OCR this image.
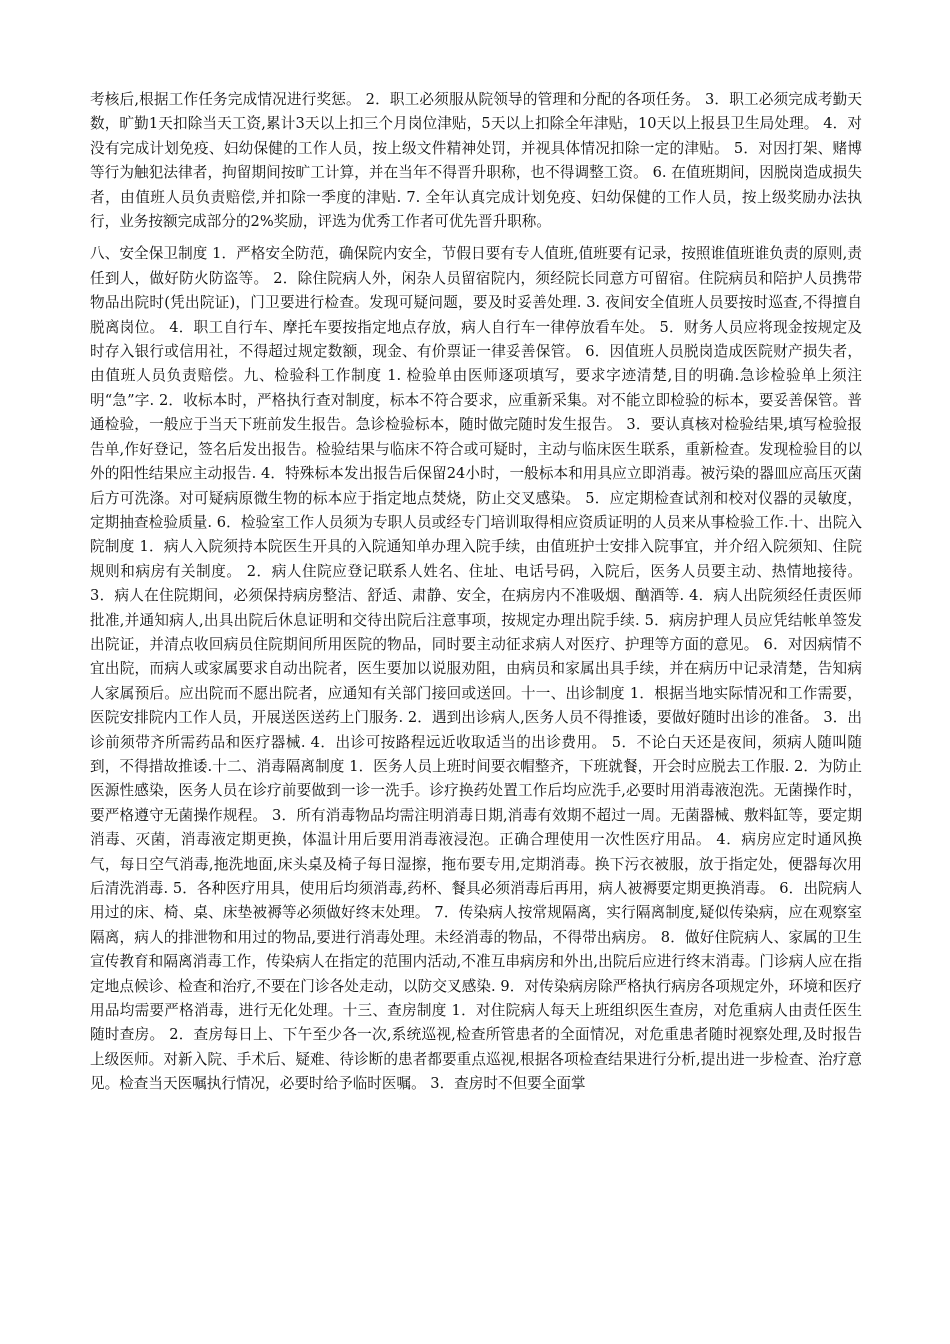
考核后,根据工作任务完成情况进行奖惩。 2．职工必须服从院领导的管理和分配的各项任务。 3．职工必须完成考勤天数，旷勤1天扣除当天工资,累计3天以上扣三个月岗位津贴，5天以上扣除全年津贴，10天以上报县卫生局处理。 4．对没有完成计划免疫、妇幼保健的工作人员，按上级文件精神处罚，并视具体情况扣除一定的津贴。 5．对因打架、赌博等行为触犯法律者，拘留期间按旷工计算，并在当年不得晋升职称，也不得调整工资。 6. 在值班期间，因脱岗造成损失者，由值班人员负责赔偿,并扣除一季度的津贴. 7. 全年认真完成计划免疫、妇幼保健的工作人员，按上级奖励办法执行，业务按额完成部分的2%奖励，评选为优秀工作者可优先晋升职称。

八、安全保卫制度 1．严格安全防范，确保院内安全，节假日要有专人值班,值班要有记录，按照谁值班谁负责的原则,责任到人，做好防火防盗等。 2．除住院病人外，闲杂人员留宿院内，须经院长同意方可留宿。住院病员和陪护人员携带物品出院时(凭出院证)，门卫要进行检查。发现可疑问题，要及时妥善处理. 3. 夜间安全值班人员要按时巡查,不得擅自脱离岗位。 4．职工自行车、摩托车要按指定地点存放，病人自行车一律停放看车处。 5．财务人员应将现金按规定及时存入银行或信用社，不得超过规定数额，现金、有价票证一律妥善保管。 6．因值班人员脱岗造成医院财产损失者，由值班人员负责赔偿。九、检验科工作制度 1. 检验单由医师逐项填写，要求字迹清楚,目的明确.急诊检验单上须注明“急”字. 2．收标本时，严格执行查对制度，标本不符合要求，应重新采集。对不能立即检验的标本，要妥善保管。普通检验，一般应于当天下班前发生报告。急诊检验标本，随时做完随时发生报告。 3．要认真核对检验结果,填写检验报告单,作好登记，签名后发出报告。检验结果与临床不符合或可疑时，主动与临床医生联系，重新检查。发现检验目的以外的阳性结果应主动报告. 4．特殊标本发出报告后保留24小时，一般标本和用具应立即消毒。被污染的器皿应高压灭菌后方可洗涤。对可疑病原微生物的标本应于指定地点焚烧，防止交叉感染。 5．应定期检查试剂和校对仪器的灵敏度，定期抽查检验质量. 6．检验室工作人员须为专职人员或经专门培训取得相应资质证明的人员来从事检验工作.十、出院入院制度 1．病人入院须持本院医生开具的入院通知单办理入院手续，由值班护士安排入院事宜，并介绍入院须知、住院规则和病房有关制度。 2．病人住院应登记联系人姓名、住址、电话号码，入院后，医务人员要主动、热情地接待。 3．病人在住院期间，必须保持病房整洁、舒适、肃静、安全，在病房内不准吸烟、酗酒等. 4．病人出院须经任责医师批准,并通知病人,出具出院后休息证明和交待出院后注意事项，按规定办理出院手续. 5．病房护理人员应凭结帐单签发出院证，并清点收回病员住院期间所用医院的物品，同时要主动征求病人对医疗、护理等方面的意见。 6．对因病情不宜出院，而病人或家属要求自动出院者，医生要加以说服劝阻，由病员和家属出具手续，并在病历中记录清楚，告知病人家属预后。应出院而不愿出院者，应通知有关部门接回或送回。十一、出诊制度 1．根据当地实际情况和工作需要，医院安排院内工作人员，开展送医送药上门服务. 2．遇到出诊病人,医务人员不得推诿，要做好随时出诊的准备。 3．出诊前须带齐所需药品和医疗器械. 4．出诊可按路程远近收取适当的出诊费用。 5．不论白天还是夜间，须病人随叫随到，不得措故推诿.十二、消毒隔离制度 1．医务人员上班时间要衣帽整齐，下班就餐，开会时应脱去工作服. 2．为防止医源性感染，医务人员在诊疗前要做到一诊一洗手。诊疗换药处置工作后均应洗手,必要时用消毒液泡洗。无菌操作时，要严格遵守无菌操作规程。 3．所有消毒物品均需注明消毒日期,消毒有效期不超过一周。无菌器械、敷料缸等，要定期消毒、灭菌，消毒液定期更换，体温计用后要用消毒液浸泡。正确合理使用一次性医疗用品。 4．病房应定时通风换气，每日空气消毒,拖洗地面,床头桌及椅子每日湿擦，拖布要专用,定期消毒。换下污衣被服，放于指定处，便器每次用后清洗消毒. 5．各种医疗用具，使用后均须消毒,药杯、餐具必须消毒后再用，病人被褥要定期更换消毒。 6．出院病人用过的床、椅、桌、床垫被褥等必须做好终末处理。 7．传染病人按常规隔离，实行隔离制度,疑似传染病，应在观察室隔离，病人的排泄物和用过的物品,要进行消毒处理。未经消毒的物品，不得带出病房。 8．做好住院病人、家属的卫生宣传教育和隔离消毒工作，传染病人在指定的范围内活动,不准互串病房和外出,出院后应进行终末消毒。门诊病人应在指定地点候诊、检查和治疗,不要在门诊各处走动，以防交叉感染. 9．对传染病房除严格执行病房各项规定外，环境和医疗用品均需要严格消毒，进行无化处理。十三、查房制度 1．对住院病人每天上班组织医生查房，对危重病人由责任医生随时查房。 2．查房每日上、下午至少各一次,系统巡视,检查所管患者的全面情况，对危重患者随时视察处理,及时报告上级医师。对新入院、手术后、疑难、待诊断的患者都要重点巡视,根据各项检查结果进行分析,提出进一步检查、治疗意见。检查当天医嘱执行情况，必要时给予临时医嘱。 3．查房时不但要全面掌
